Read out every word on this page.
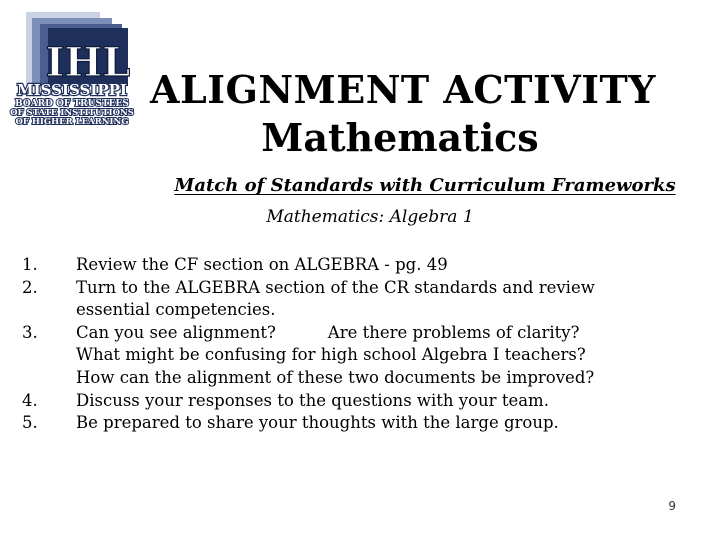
IHL
MISSISSIPPI
BOARD OF TRUSTEES
OF STATE INSTITUTIONS
OF HIGHER LEARNING
ALIGNMENT ACTIVITY
Mathematics
Match of Standards with Curriculum Frameworks
Mathematics: Algebra 1
1. Review the CF section on ALGEBRA - pg. 49
2. Turn to the ALGEBRA section of the CR standards and review
essential competencies.
3. Can you see alignment?	Are there problems of clarity?
What might be confusing for high school Algebra I teachers?
How can the alignment of these two documents be improved?
4. Discuss your responses to the questions with your team.
5. Be prepared to share your thoughts with the large group.
9
